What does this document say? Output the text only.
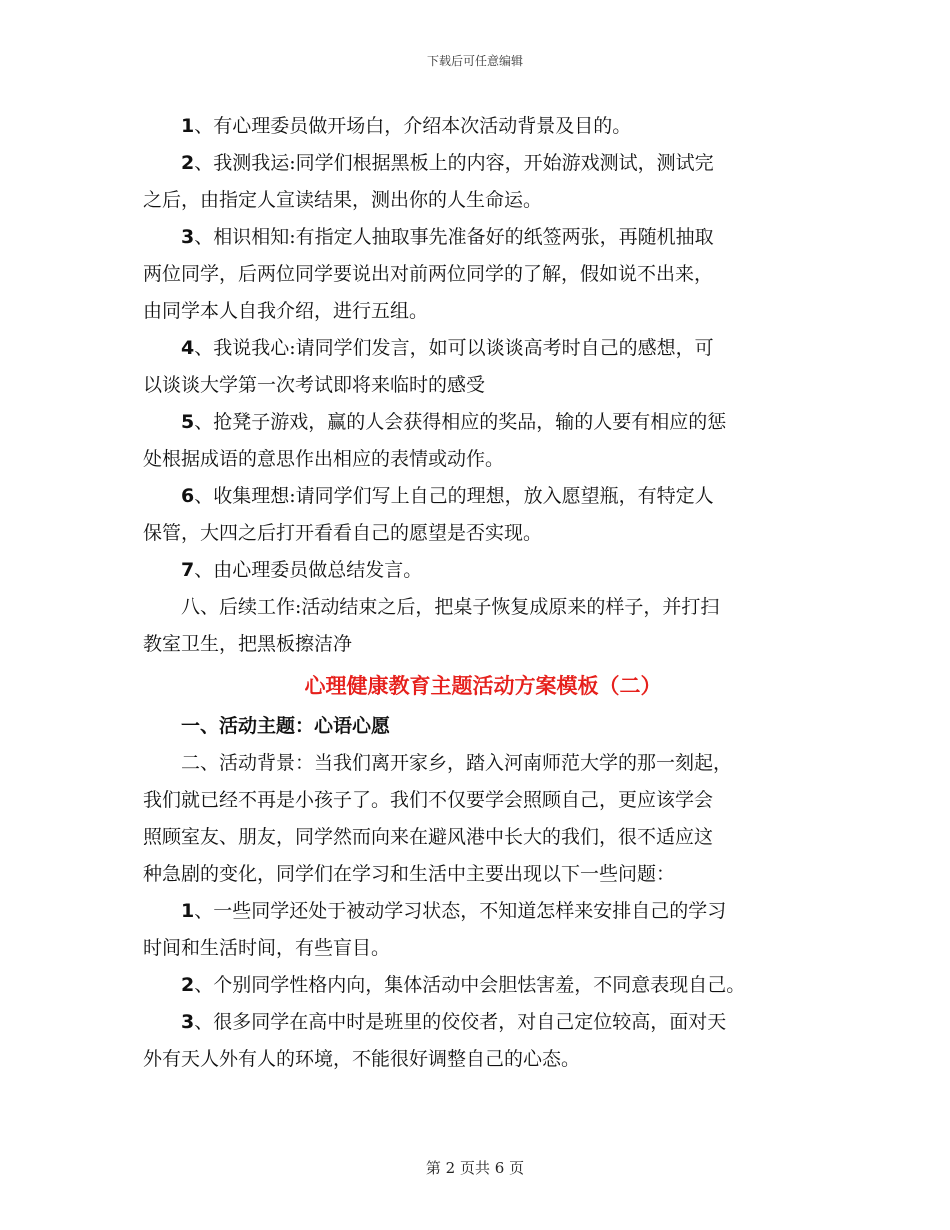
下载后可任意编辑

1、有心理委员做开场白，介绍本次活动背景及目的。

2、我测我运:同学们根据黑板上的内容，开始游戏测试，测试完
之后，由指定人宣读结果，测出你的人生命运。

3、相识相知:有指定人抽取事先准备好的纸签两张，再随机抽取
两位同学，后两位同学要说出对前两位同学的了解，假如说不出来，
由同学本人自我介绍，进行五组。

4、我说我心:请同学们发言，如可以谈谈高考时自己的感想，可
以谈谈大学第一次考试即将来临时的感受

5、抢凳子游戏，赢的人会获得相应的奖品，输的人要有相应的惩
处根据成语的意思作出相应的表情或动作。

6、收集理想:请同学们写上自己的理想，放入愿望瓶，有特定人
保管，大四之后打开看看自己的愿望是否实现。

7、由心理委员做总结发言。

八、后续工作:活动结束之后，把桌子恢复成原来的样子，并打扫
教室卫生，把黑板擦洁净

心理健康教育主题活动方案模板（二）
一、活动主题：心语心愿

二、活动背景：当我们离开家乡，踏入河南师范大学的那一刻起，
我们就已经不再是小孩子了。我们不仅要学会照顾自己，更应该学会
照顾室友、朋友，同学然而向来在避风港中长大的我们，很不适应这
种急剧的变化，同学们在学习和生活中主要出现以下一些问题：

1、一些同学还处于被动学习状态，不知道怎样来安排自己的学习
时间和生活时间，有些盲目。

2、个别同学性格内向，集体活动中会胆怯害羞，不同意表现自己。

3、很多同学在高中时是班里的佼佼者，对自己定位较高，面对天
外有天人外有人的环境，不能很好调整自己的心态。

第 2 页共 6 页
